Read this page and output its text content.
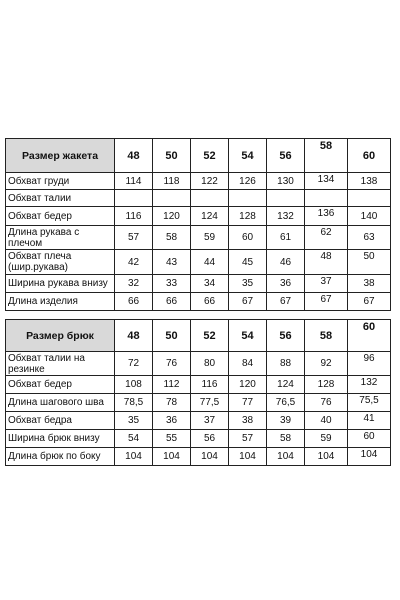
Размер жакета	48	50	52	54	56	58	60
Обхват груди	114	118	122	126	130	134	138
Обхват талии							
Обхват бедер	116	120	124	128	132	136	140
Длина рукава с плечом	57	58	59	60	61	62	63
Обхват плеча (шир.рукава)	42	43	44	45	46	48	50
Ширина рукава внизу	32	33	34	35	36	37	38
Длина изделия	66	66	66	67	67	67	67
Размер брюк	48	50	52	54	56	58	60
Обхват талии на резинке	72	76	80	84	88	92	96
Обхват бедер	108	112	116	120	124	128	132
Длина шагового шва	78,5	78	77,5	77	76,5	76	75,5
Обхват бедра	35	36	37	38	39	40	41
Ширина брюк внизу	54	55	56	57	58	59	60
Длина брюк по боку	104	104	104	104	104	104	104
